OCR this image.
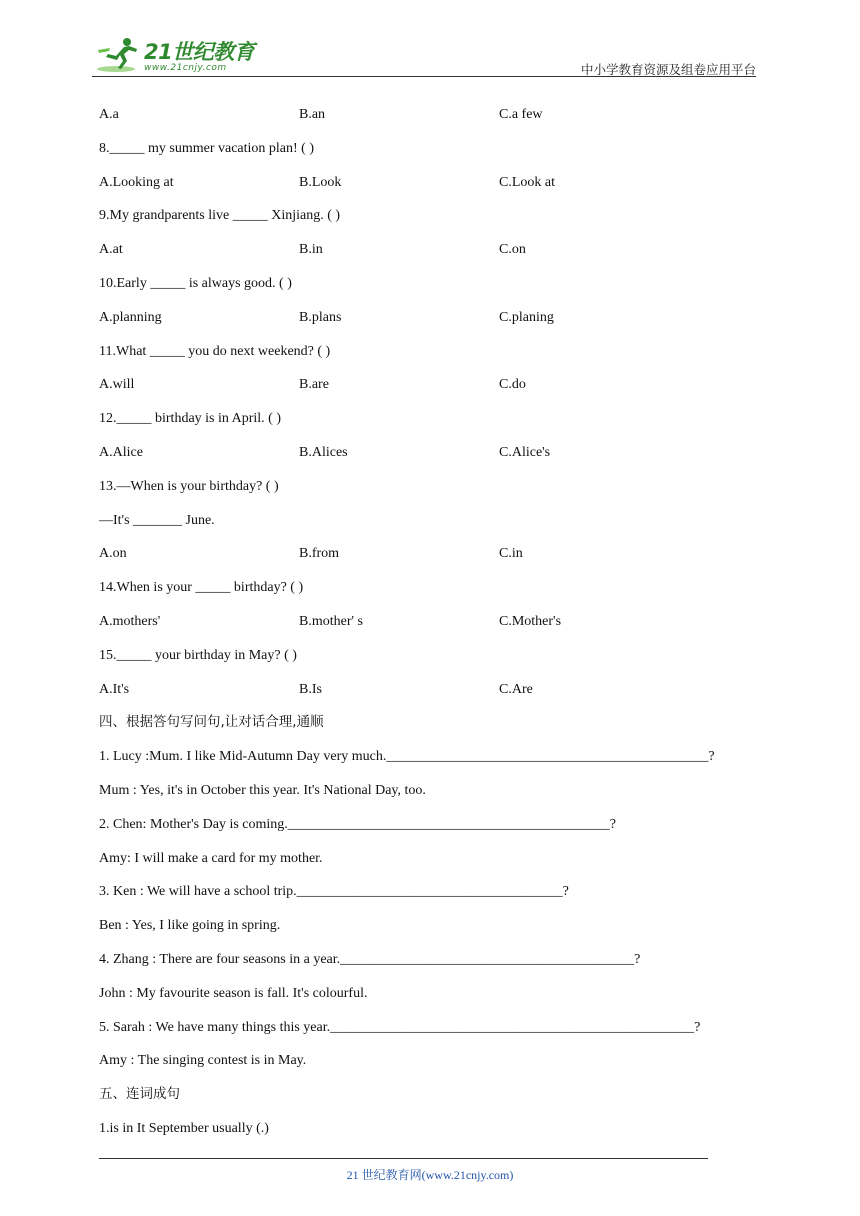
21世纪教育
www.21cnjy.com	中小学教育资源及组卷应用平台
A.a	B.an	C.a few
8._____ my summer vacation plan! ( )
A.Looking at	B.Look	C.Look at
9.My grandparents live _____ Xinjiang. ( )
A.at	B.in	C.on
10.Early _____ is always good. ( )
A.planning	B.plans	C.planing
11.What _____ you do next weekend? ( )
A.will	B.are	C.do
12._____ birthday is in April. ( )
A.Alice	B.Alices	C.Alice's
13.—When is your birthday? ( )
—It's _______ June.
A.on	B.from	C.in
14.When is your _____ birthday? ( )
A.mothers'	B.mother' s	C.Mother's
15._____ your birthday in May? ( )
A.It's	B.Is	C.Are
四、根据答句写问句,让对话合理,通顺
1. Lucy :Mum. I like Mid-Autumn Day very much.______________________________________________?
Mum : Yes, it's in October this year. It's National Day, too.
2. Chen: Mother's Day is coming.______________________________________________?
Amy: I will make a card for my mother.
3. Ken : We will have a school trip.______________________________________?
Ben : Yes, I like going in spring.
4. Zhang : There are four seasons in a year.__________________________________________?
John : My favourite season is fall. It's colourful.
5. Sarah : We have many things this year.____________________________________________________?
Amy : The singing contest is in May.
五、连词成句
1.is in It September usually (.)
21 世纪教育网(www.21cnjy.com)
